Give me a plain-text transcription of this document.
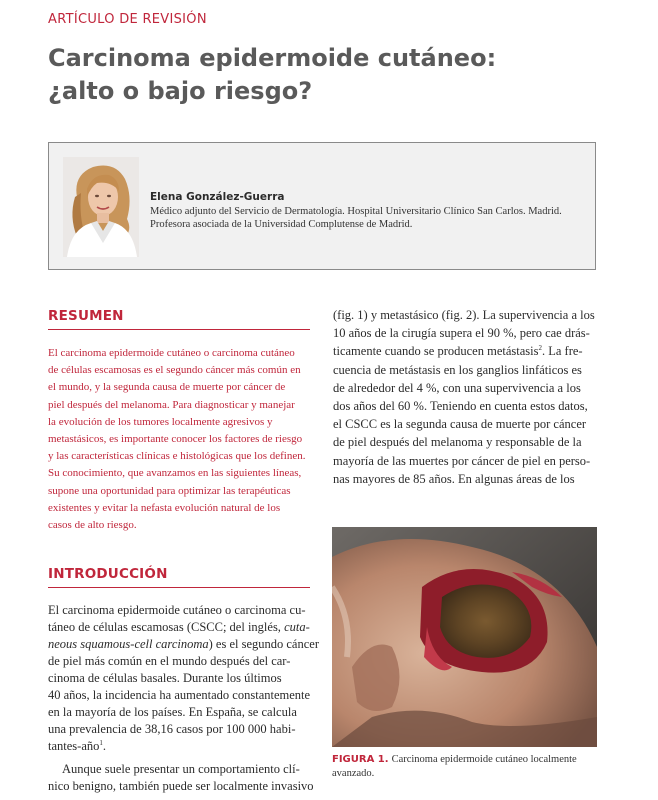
ARTÍCULO DE REVISIÓN
Carcinoma epidermoide cutáneo:
¿alto o bajo riesgo?
Elena González-Guerra
Médico adjunto del Servicio de Dermatología. Hospital Universitario Clínico San Carlos. Madrid.
Profesora asociada de la Universidad Complutense de Madrid.
RESUMEN
El carcinoma epidermoide cutáneo o carcinoma cutáneo
de células escamosas es el segundo cáncer más común en
el mundo, y la segunda causa de muerte por cáncer de
piel después del melanoma. Para diagnosticar y manejar
la evolución de los tumores localmente agresivos y
metastásicos, es importante conocer los factores de riesgo
y las características clínicas e histológicas que los definen.
Su conocimiento, que avanzamos en las siguientes líneas,
supone una oportunidad para optimizar las terapéuticas
existentes y evitar la nefasta evolución natural de los
casos de alto riesgo.
INTRODUCCIÓN
El carcinoma epidermoide cutáneo o carcinoma cu-
táneo de células escamosas (CSCC; del inglés, cuta-
neous squamous-cell carcinoma) es el segundo cáncer
de piel más común en el mundo después del car-
cinoma de células basales. Durante los últimos
40 años, la incidencia ha aumentado constantemente
en la mayoría de los países. En España, se calcula
una prevalencia de 38,16 casos por 100 000 habi-
tantes-año$^1$.
Aunque suele presentar un comportamiento clí-
nico benigno, también puede ser localmente invasivo
(fig. 1) y metastásico (fig. 2). La supervivencia a los
10 años de la cirugía supera el 90 %, pero cae drás-
ticamente cuando se producen metástasis$^2$. La fre-
cuencia de metástasis en los ganglios linfáticos es
de alrededor del 4 %, con una supervivencia a los
dos años del 60 %. Teniendo en cuenta estos datos,
el CSCC es la segunda causa de muerte por cáncer
de piel después del melanoma y responsable de la
mayoría de las muertes por cáncer de piel en perso-
nas mayores de 85 años. En algunas áreas de los
FIGURA 1. Carcinoma epidermoide cutáneo localmente
avanzado.
